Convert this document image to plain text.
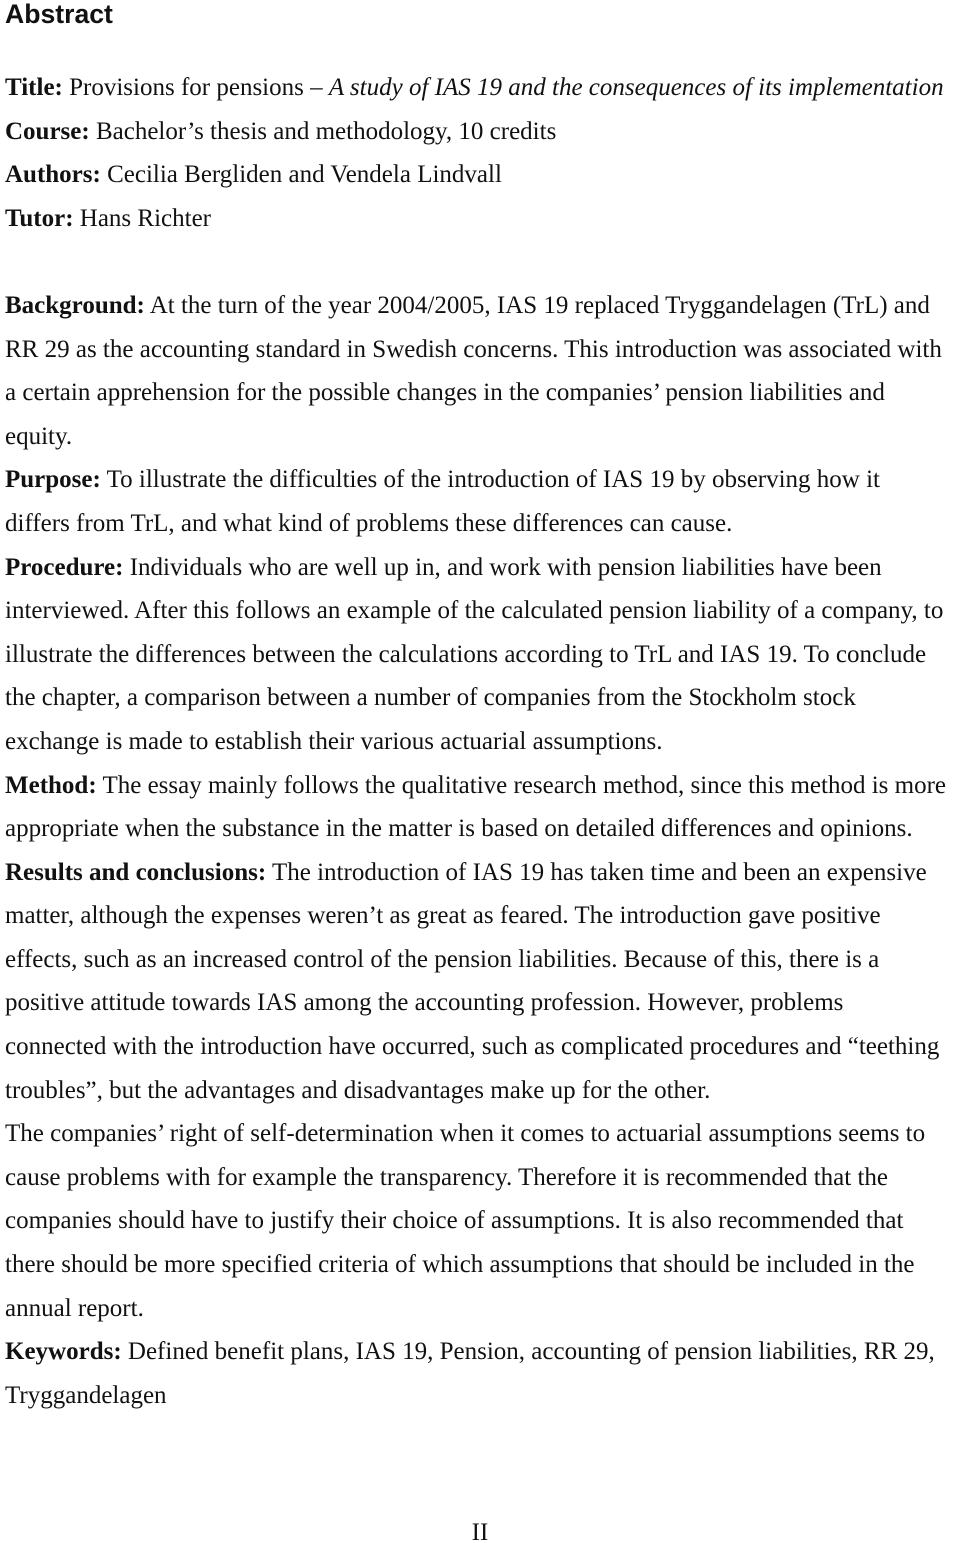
Abstract
Title: Provisions for pensions – A study of IAS 19 and the consequences of its implementation
Course: Bachelor’s thesis and methodology, 10 credits
Authors: Cecilia Bergliden and Vendela Lindvall
Tutor: Hans Richter
Background: At the turn of the year 2004/2005, IAS 19 replaced Tryggandelagen (TrL) and
RR 29 as the accounting standard in Swedish concerns. This introduction was associated with
a certain apprehension for the possible changes in the companies’ pension liabilities and
equity.
Purpose: To illustrate the difficulties of the introduction of IAS 19 by observing how it
differs from TrL, and what kind of problems these differences can cause.
Procedure: Individuals who are well up in, and work with pension liabilities have been
interviewed. After this follows an example of the calculated pension liability of a company, to
illustrate the differences between the calculations according to TrL and IAS 19. To conclude
the chapter, a comparison between a number of companies from the Stockholm stock
exchange is made to establish their various actuarial assumptions.
Method: The essay mainly follows the qualitative research method, since this method is more
appropriate when the substance in the matter is based on detailed differences and opinions.
Results and conclusions: The introduction of IAS 19 has taken time and been an expensive
matter, although the expenses weren’t as great as feared. The introduction gave positive
effects, such as an increased control of the pension liabilities. Because of this, there is a
positive attitude towards IAS among the accounting profession. However, problems
connected with the introduction have occurred, such as complicated procedures and “teething
troubles”, but the advantages and disadvantages make up for the other.
The companies’ right of self-determination when it comes to actuarial assumptions seems to
cause problems with for example the transparency. Therefore it is recommended that the
companies should have to justify their choice of assumptions. It is also recommended that
there should be more specified criteria of which assumptions that should be included in the
annual report.
Keywords: Defined benefit plans, IAS 19, Pension, accounting of pension liabilities, RR 29,
Tryggandelagen
II
